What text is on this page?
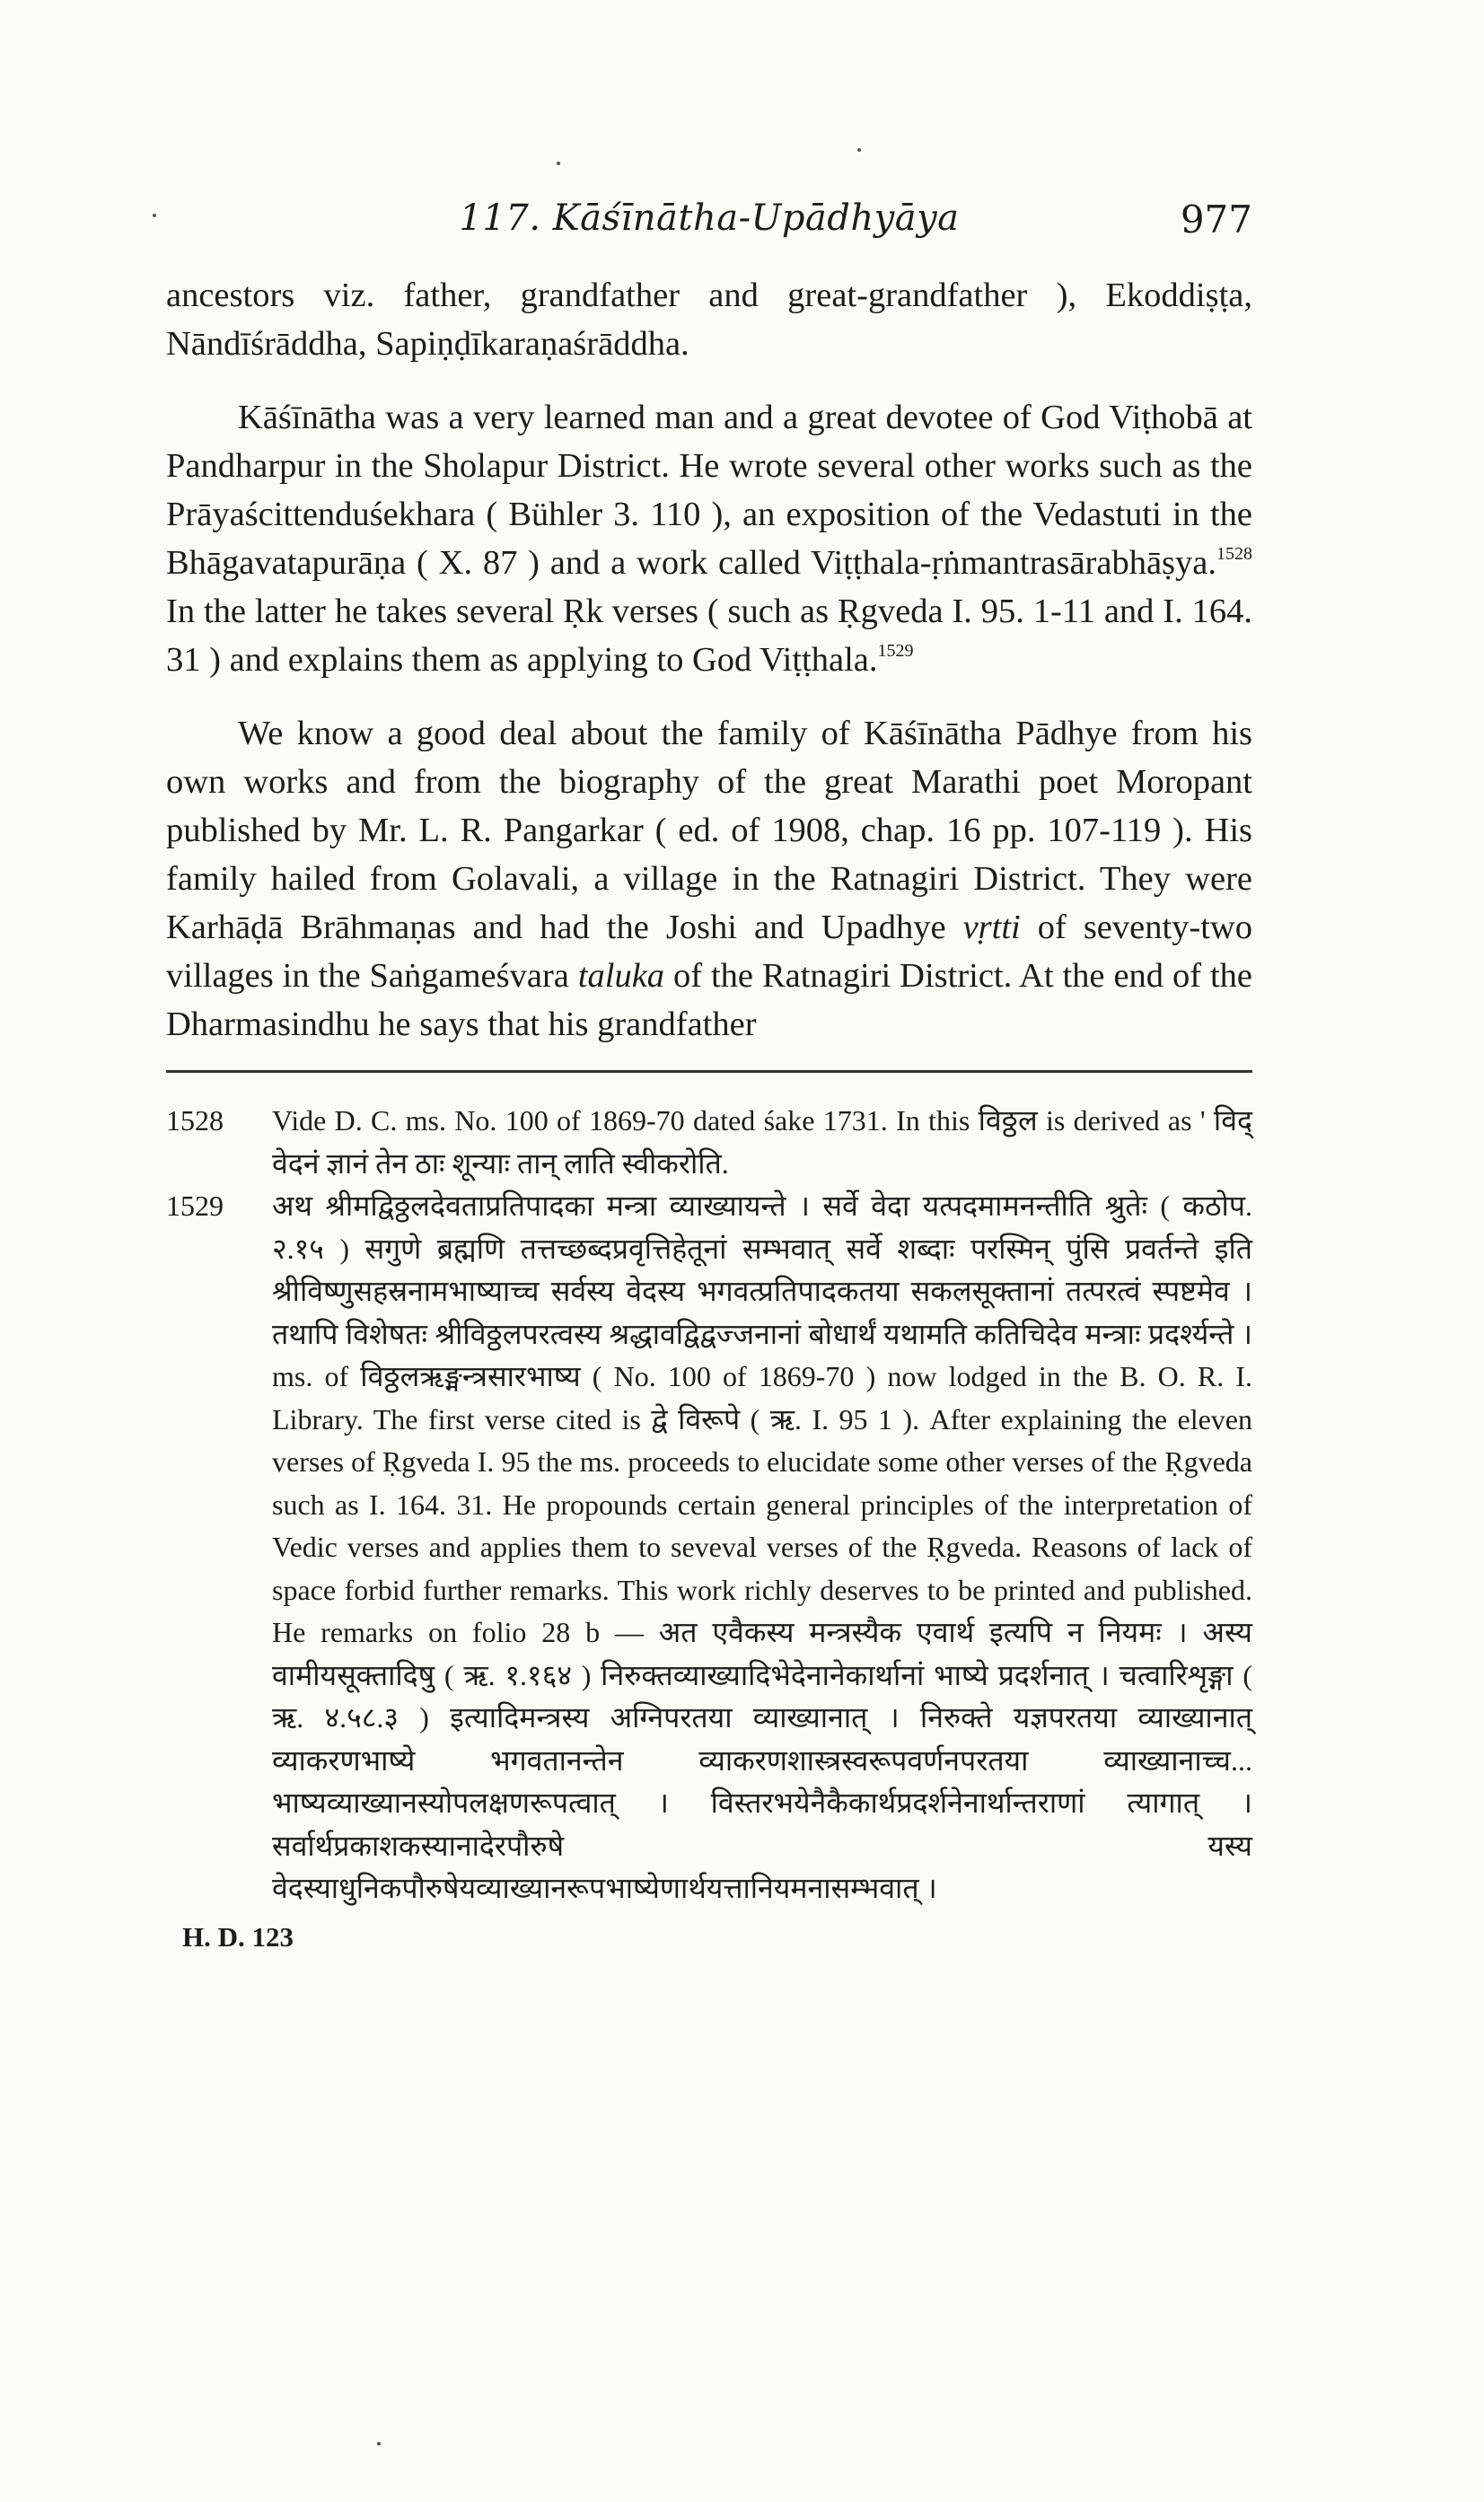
117. Kāśīnātha-Upādhyāya	977

ancestors viz. father, grandfather and great-grandfather ), Ekoddiṣṭa, Nāndīśrāddha, Sapiṇḍīkaraṇaśrāddha.

Kāśīnātha was a very learned man and a great devotee of God Viṭhobā at Pandharpur in the Sholapur District. He wrote several other works such as the Prāyaścittenduśekhara ( Bühler 3. 110 ), an exposition of the Vedastuti in the Bhāgavatapurāṇa ( X. 87 ) and a work called Viṭṭhala-ṛṅmantrasārabhāṣya.$^{1528}$ In the latter he takes several Ṛk verses ( such as Ṛgveda I. 95. 1-11 and I. 164. 31 ) and explains them as applying to God Viṭṭhala.$^{1529}$

We know a good deal about the family of Kāśīnātha Pādhye from his own works and from the biography of the great Marathi poet Moropant published by Mr. L. R. Pangarkar ( ed. of 1908, chap. 16 pp. 107-119 ). His family hailed from Golavali, a village in the Ratnagiri District. They were Karhāḍā Brāhmaṇas and had the Joshi and Upadhye vṛtti of seventy-two villages in the Saṅgameśvara taluka of the Ratnagiri District. At the end of the Dharmasindhu he says that his grandfather

1528 Vide D. C. ms. No. 100 of 1869-70 dated śake 1731. In this विठ्ठल is derived as ' विद् वेदनं ज्ञानं तेन ठाः शून्याः तान् लाति स्वीकरोति.
1529 अथ श्रीमद्विठ्ठलदेवताप्रतिपादका मन्त्रा व्याख्यायन्ते । सर्वे वेदा यत्पदमामनन्तीति श्रुतेः ( कठोप. २.१५ ) सगुणे ब्रह्मणि तत्तच्छब्दप्रवृत्तिहेतूनां सम्भवात् सर्वे शब्दाः परस्मिन् पुंसि प्रवर्तन्ते इति श्रीविष्णुसहस्रनामभाष्याच्च सर्वस्य वेदस्य भगवत्प्रतिपादकतया सकलसूक्तानां तत्परत्वं स्पष्टमेव । तथापि विशेषतः श्रीविठ्ठलपरत्वस्य श्रद्धावद्विद्वज्जनानां बोधार्थं यथामति कतिचिदेव मन्त्राः प्रदर्श्यन्ते । ms. of विठ्ठलऋङ्मन्त्रसारभाष्य ( No. 100 of 1869-70 ) now lodged in the B. O. R. I. Library. The first verse cited is द्वे विरूपे ( ऋ. I. 95 1 ). After explaining the eleven verses of Ṛgveda I. 95 the ms. proceeds to elucidate some other verses of the Ṛgveda such as I. 164. 31. He propounds certain general principles of the interpretation of Vedic verses and applies them to seveval verses of the Ṛgveda. Reasons of lack of space forbid further remarks. This work richly deserves to be printed and published. He remarks on folio 28 b — अत एवैकस्य मन्त्रस्यैक एवार्थ इत्यपि न नियमः । अस्य वामीयसूक्तादिषु ( ऋ. १.१६४ ) निरुक्तव्याख्यादिभेदेनानेकार्थानां भाष्ये प्रदर्शनात् । चत्वारिशृङ्गा ( ऋ. ४.५८.३ ) इत्यादिमन्त्रस्य अग्निपरतया व्याख्यानात् । निरुक्ते यज्ञपरतया व्याख्यानात् व्याकरणभाष्ये भगवतानन्तेन व्याकरणशास्त्रस्वरूपवर्णनपरतया व्याख्यानाच्च... भाष्यव्याख्यानस्योपलक्षणरूपत्वात् । विस्तरभयेनैकैकार्थप्रदर्शनेनार्थान्तराणां त्यागात् । सर्वार्थप्रकाशकस्यानादेरपौरुषे यस्य वेदस्याधुनिकपौरुषेयव्याख्यानरूपभाष्येणार्थयत्तानियमनासम्भवात् ।
H. D. 123
